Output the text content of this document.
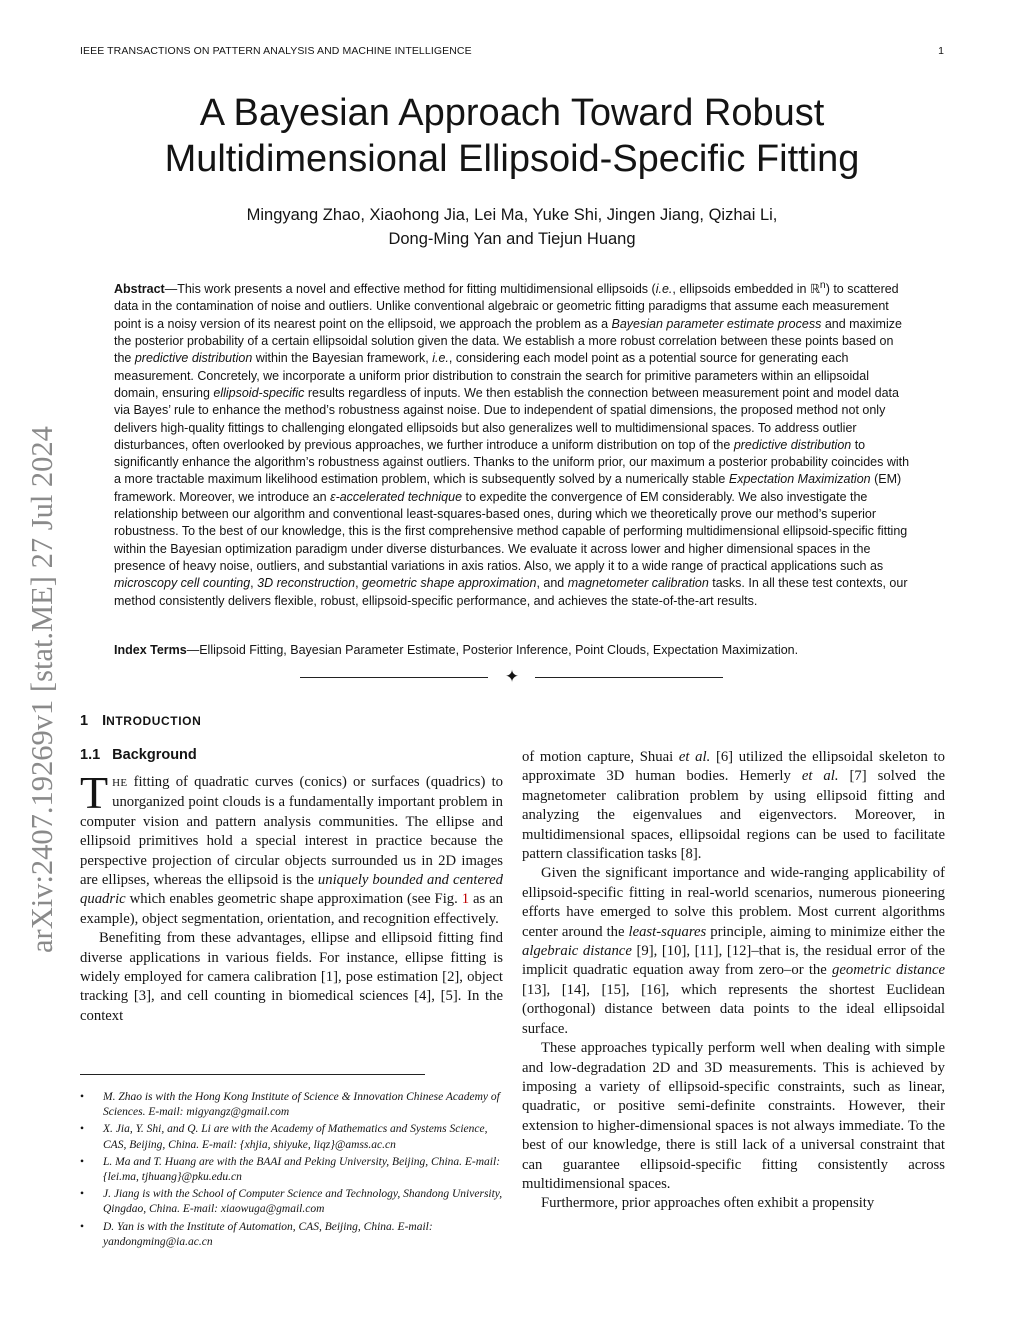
IEEE TRANSACTIONS ON PATTERN ANALYSIS AND MACHINE INTELLIGENCE	1
A Bayesian Approach Toward Robust
Multidimensional Ellipsoid-Specific Fitting
Mingyang Zhao, Xiaohong Jia, Lei Ma, Yuke Shi, Jingen Jiang, Qizhai Li,
Dong-Ming Yan and Tiejun Huang
arXiv:2407.19269v1 [stat.ME] 27 Jul 2024

Abstract—This work presents a novel and effective method for fitting multidimensional ellipsoids (i.e., ellipsoids embedded in ℝ$^n$) to scattered data in the contamination of noise and outliers. Unlike conventional algebraic or geometric fitting paradigms that assume each measurement point is a noisy version of its nearest point on the ellipsoid, we approach the problem as a Bayesian parameter estimate process and maximize the posterior probability of a certain ellipsoidal solution given the data. We establish a more robust correlation between these points based on the predictive distribution within the Bayesian framework, i.e., considering each model point as a potential source for generating each measurement. Concretely, we incorporate a uniform prior distribution to constrain the search for primitive parameters within an ellipsoidal domain, ensuring ellipsoid-specific results regardless of inputs. We then establish the connection between measurement point and model data via Bayes’ rule to enhance the method’s robustness against noise. Due to independent of spatial dimensions, the proposed method not only delivers high-quality fittings to challenging elongated ellipsoids but also generalizes well to multidimensional spaces. To address outlier disturbances, often overlooked by previous approaches, we further introduce a uniform distribution on top of the predictive distribution to significantly enhance the algorithm’s robustness against outliers. Thanks to the uniform prior, our maximum a posterior probability coincides with a more tractable maximum likelihood estimation problem, which is subsequently solved by a numerically stable Expectation Maximization (EM) framework. Moreover, we introduce an ε-accelerated technique to expedite the convergence of EM considerably. We also investigate the relationship between our algorithm and conventional least-squares-based ones, during which we theoretically prove our method’s superior robustness. To the best of our knowledge, this is the first comprehensive method capable of performing multidimensional ellipsoid-specific fitting within the Bayesian optimization paradigm under diverse disturbances. We evaluate it across lower and higher dimensional spaces in the presence of heavy noise, outliers, and substantial variations in axis ratios. Also, we apply it to a wide range of practical applications such as microscopy cell counting, 3D reconstruction, geometric shape approximation, and magnetometer calibration tasks. In all these test contexts, our method consistently delivers flexible, robust, ellipsoid-specific performance, and achieves the state-of-the-art results.

Index Terms—Ellipsoid Fitting, Bayesian Parameter Estimate, Posterior Inference, Point Clouds, Expectation Maximization.
✦
1 INTRODUCTION
1.1 Background

THE fitting of quadratic curves (conics) or surfaces (quadrics) to unorganized point clouds is a fundamentally important problem in computer vision and pattern analysis communities. The ellipse and ellipsoid primitives hold a special interest in practice because the perspective projection of circular objects surrounded us in 2D images are ellipses, whereas the ellipsoid is the uniquely bounded and centered quadric which enables geometric shape approximation (see Fig. 1 as an example), object segmentation, orientation, and recognition effectively.

Benefiting from these advantages, ellipse and ellipsoid fitting find diverse applications in various fields. For instance, ellipse fitting is widely employed for camera calibration [1], pose estimation [2], object tracking [3], and cell counting in biomedical sciences [4], [5]. In the context

of motion capture, Shuai et al. [6] utilized the ellipsoidal skeleton to approximate 3D human bodies. Hemerly et al. [7] solved the magnetometer calibration problem by using ellipsoid fitting and analyzing the eigenvalues and eigenvectors. Moreover, in multidimensional spaces, ellipsoidal regions can be used to facilitate pattern classification tasks [8].

Given the significant importance and wide-ranging applicability of ellipsoid-specific fitting in real-world scenarios, numerous pioneering efforts have emerged to solve this problem. Most current algorithms center around the least-squares principle, aiming to minimize either the algebraic distance [9], [10], [11], [12]–that is, the residual error of the implicit quadratic equation away from zero–or the geometric distance [13], [14], [15], [16], which represents the shortest Euclidean (orthogonal) distance between data points to the ideal ellipsoidal surface.

These approaches typically perform well when dealing with simple and low-degradation 2D and 3D measurements. This is achieved by imposing a variety of ellipsoid-specific constraints, such as linear, quadratic, or positive semi-definite constraints. However, their extension to higher-dimensional spaces is not always immediate. To the best of our knowledge, there is still lack of a universal constraint that can guarantee ellipsoid-specific fitting consistently across multidimensional spaces.

Furthermore, prior approaches often exhibit a propensity

• M. Zhao is with the Hong Kong Institute of Science & Innovation Chinese Academy of Sciences. E-mail: migyangz@gmail.com
• X. Jia, Y. Shi, and Q. Li are with the Academy of Mathematics and Systems Science, CAS, Beijing, China. E-mail: {xhjia, shiyuke, liqz}@amss.ac.cn
• L. Ma and T. Huang are with the BAAI and Peking University, Beijing, China. E-mail: {lei.ma, tjhuang}@pku.edu.cn
• J. Jiang is with the School of Computer Science and Technology, Shandong University, Qingdao, China. E-mail: xiaowuga@gmail.com
• D. Yan is with the Institute of Automation, CAS, Beijing, China. E-mail: yandongming@ia.ac.cn
